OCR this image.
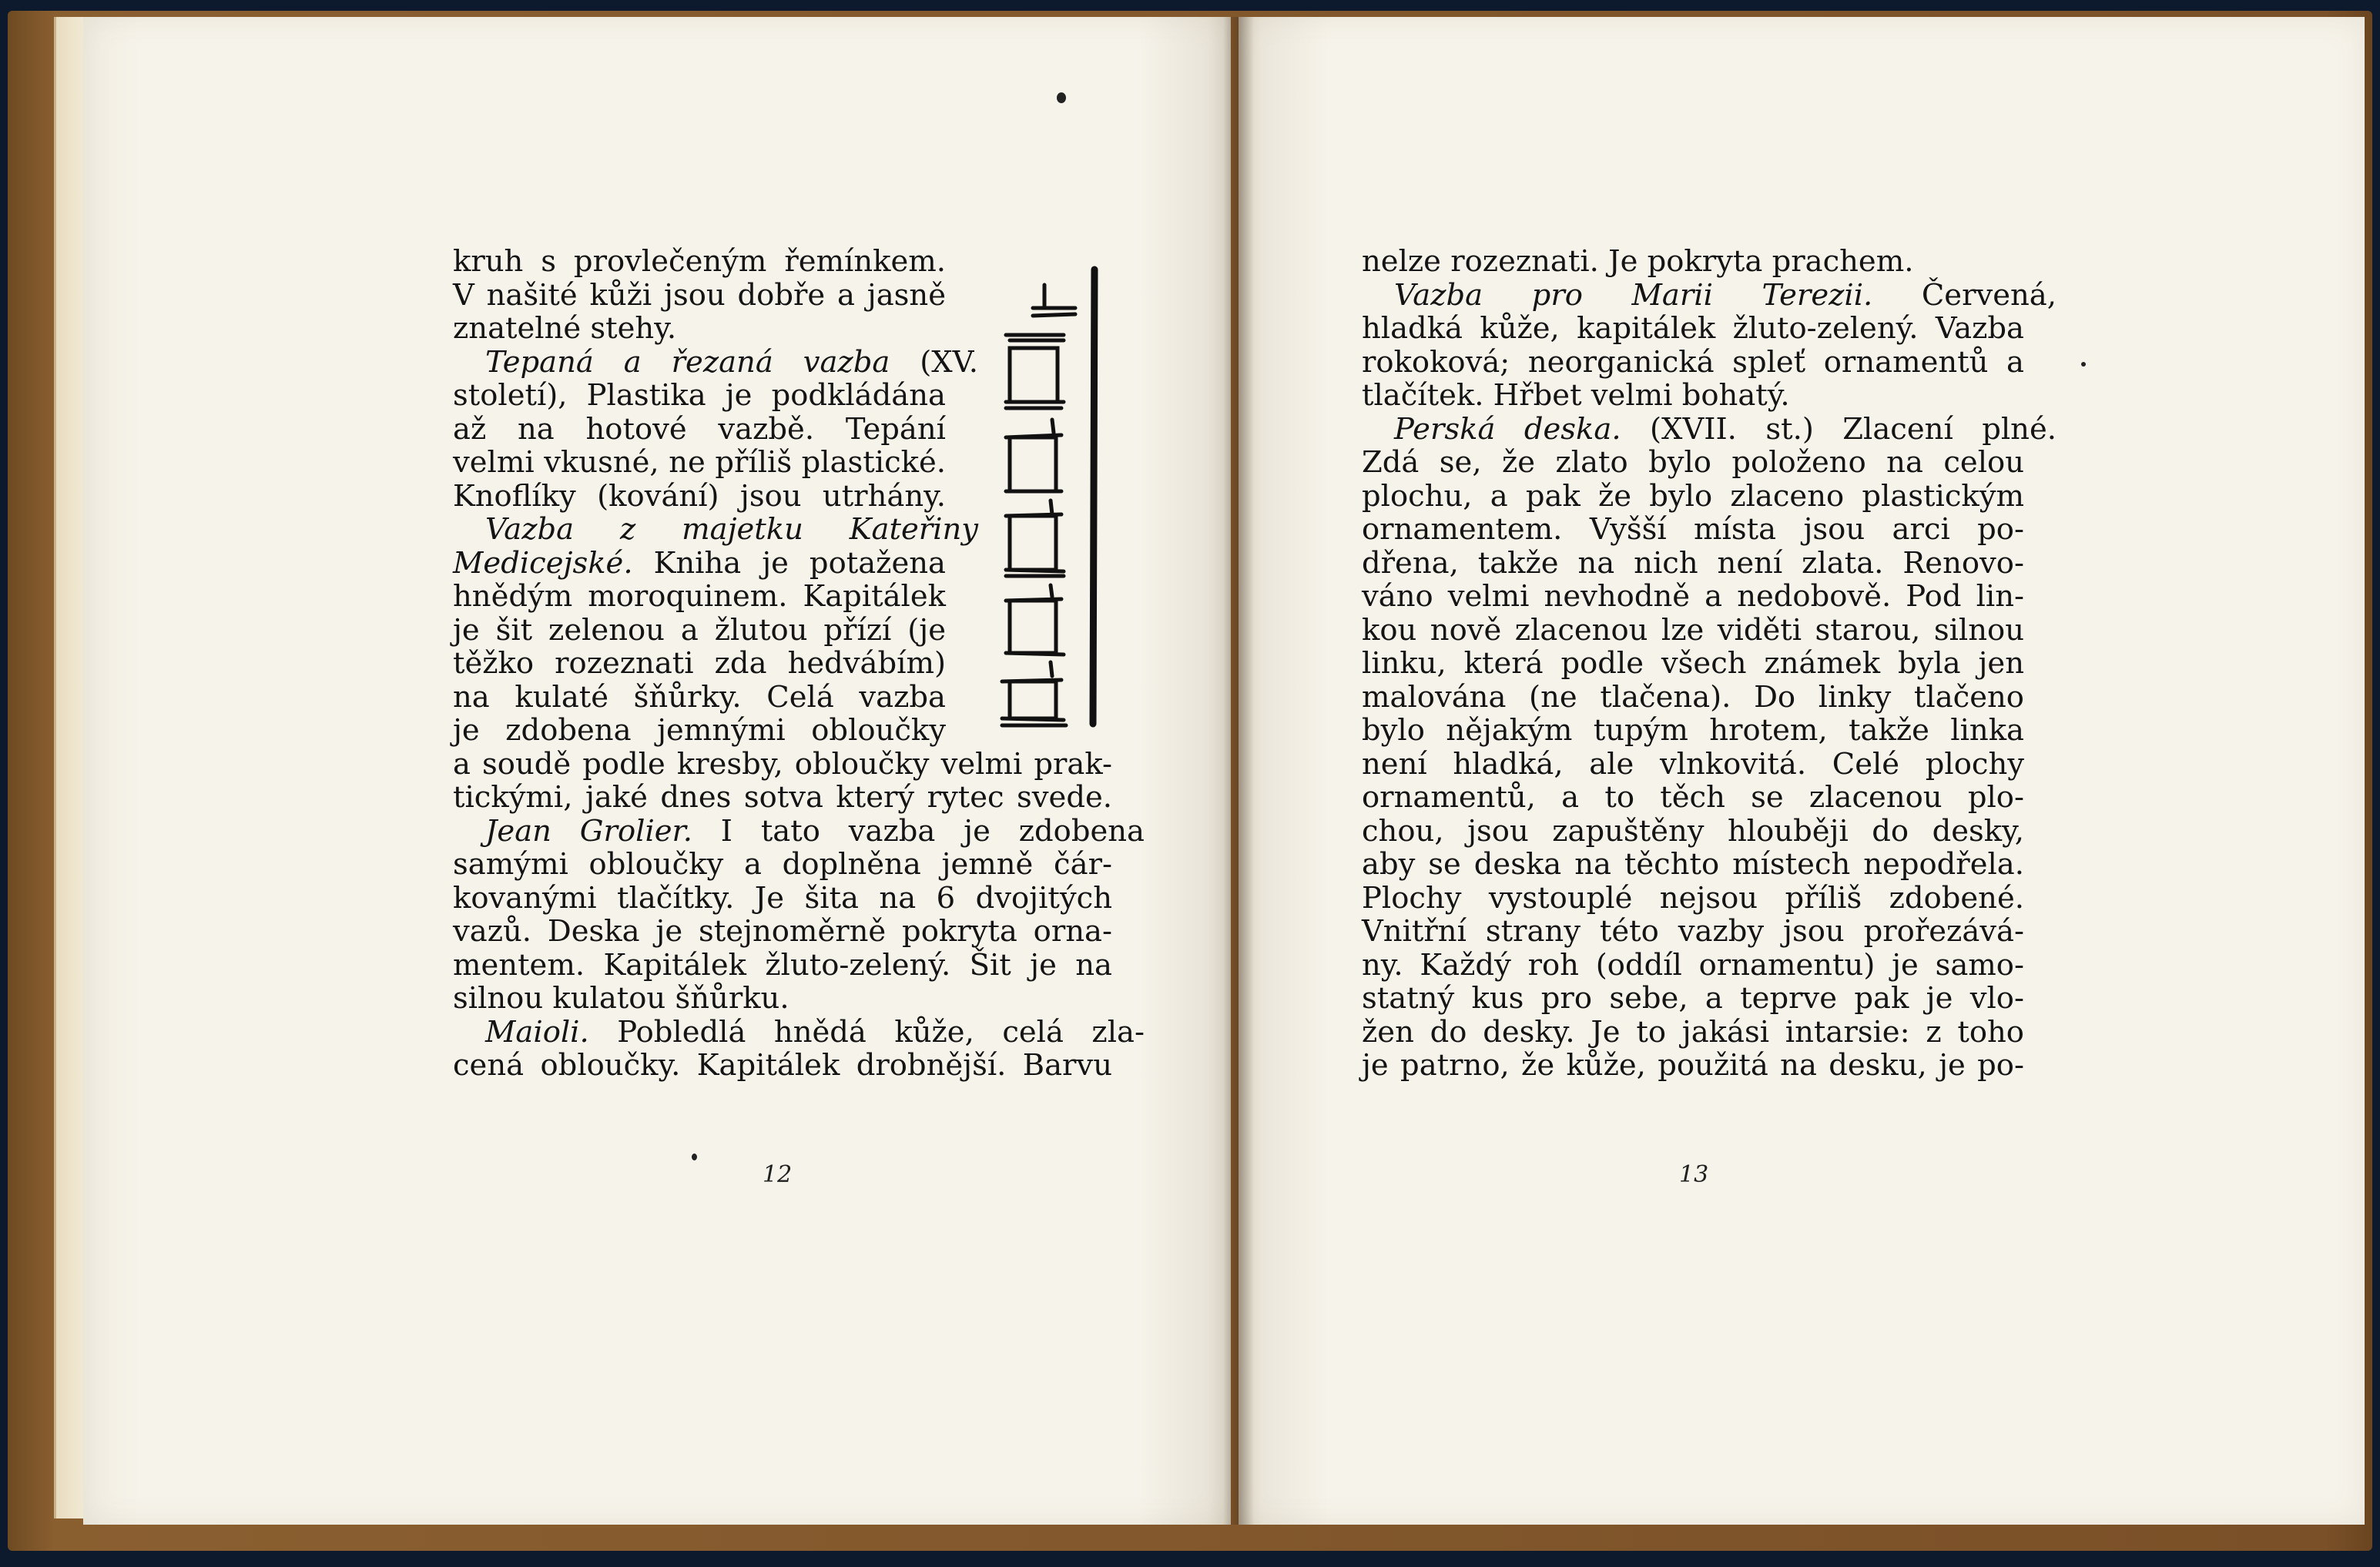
kruh s provlečeným řemínkem.
V našité kůži jsou dobře a jasně
znatelné stehy.
Tepaná a řezaná vazba (XV.
století), Plastika je podkládána
až na hotové vazbě. Tepání
velmi vkusné, ne příliš plastické.
Knoflíky (kování) jsou utrhány.
Vazba z majetku Kateřiny
Medicejské. Kniha je potažena
hnědým moroquinem. Kapitálek
je šit zelenou a žlutou přízí (je
těžko rozeznati zda hedvábím)
na kulaté šňůrky. Celá vazba
je zdobena jemnými obloučky
a soudě podle kresby, obloučky velmi prak-
tickými, jaké dnes sotva který rytec svede.
Jean Grolier. I tato vazba je zdobena
samými obloučky a doplněna jemně čár-
kovanými tlačítky. Je šita na 6 dvojitých
vazů. Deska je stejnoměrně pokryta orna-
mentem. Kapitálek žluto-zelený. Šit je na
silnou kulatou šňůrku.
Maioli. Pobledlá hnědá kůže, celá zla-
cená obloučky. Kapitálek drobnější. Barvu
nelze rozeznati. Je pokryta prachem.
Vazba pro Marii Terezii. Červená,
hladká kůže, kapitálek žluto-zelený. Vazba
rokoková; neorganická spleť ornamentů a
tlačítek. Hřbet velmi bohatý.
Perská deska. (XVII. st.) Zlacení plné.
Zdá se, že zlato bylo položeno na celou
plochu, a pak že bylo zlaceno plastickým
ornamentem. Vyšší místa jsou arci po-
dřena, takže na nich není zlata. Renovo-
váno velmi nevhodně a nedobově. Pod lin-
kou nově zlacenou lze viděti starou, silnou
linku, která podle všech známek byla jen
malována (ne tlačena). Do linky tlačeno
bylo nějakým tupým hrotem, takže linka
není hladká, ale vlnkovitá. Celé plochy
ornamentů, a to těch se zlacenou plo-
chou, jsou zapuštěny hlouběji do desky,
aby se deska na těchto místech nepodřela.
Plochy vystouplé nejsou příliš zdobené.
Vnitřní strany této vazby jsou prořezává-
ny. Každý roh (oddíl ornamentu) je samo-
statný kus pro sebe, a teprve pak je vlo-
žen do desky. Je to jakási intarsie: z toho
je patrno, že kůže, použitá na desku, je po-
12	13
